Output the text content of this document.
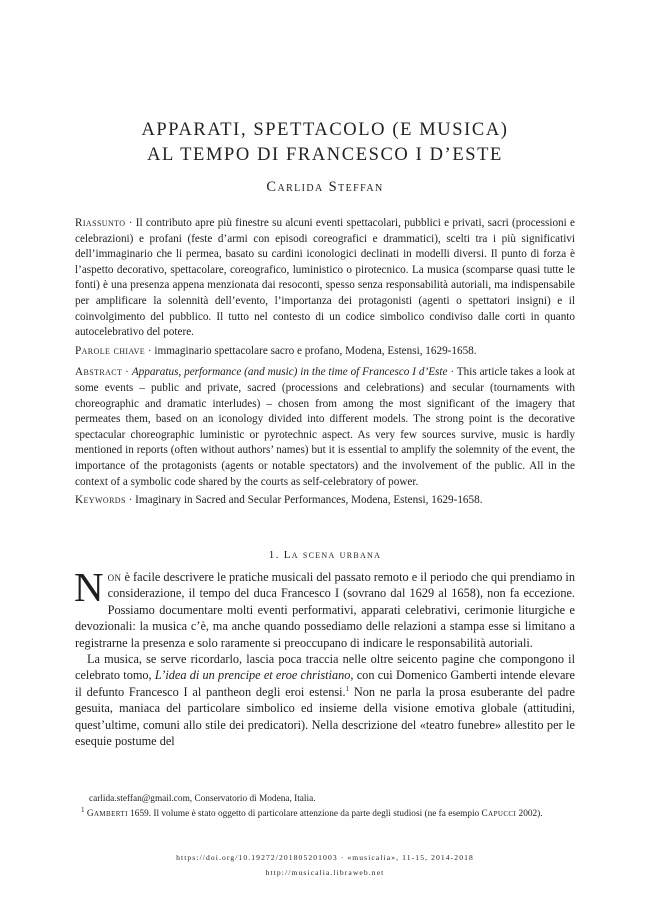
APPARATI, SPETTACOLO (E MUSICA)
AL TEMPO DI FRANCESCO I D’ESTE
Carlida Steffan

Riassunto · Il contributo apre più finestre su alcuni eventi spettacolari, pubblici e privati, sacri (processioni e celebrazioni) e profani (feste d’armi con episodi coreografici e drammatici), scelti tra i più significativi dell’immaginario che li permea, basato su cardini iconologici declinati in modelli diversi. Il punto di forza è l’aspetto decorativo, spettacolare, coreografico, luministico o pirotecnico. La musica (scomparse quasi tutte le fonti) è una presenza appena menzionata dai resoconti, spesso senza responsabilità autoriali, ma indispensabile per amplificare la solennità dell’evento, l’importanza dei protagonisti (agenti o spettatori insigni) e il coinvolgimento del pubblico. Il tutto nel contesto di un codice simbolico condiviso dalle corti in quanto autocelebrativo del potere.

Parole chiave · immaginario spettacolare sacro e profano, Modena, Estensi, 1629-1658.

Abstract · Apparatus, performance (and music) in the time of Francesco I d’Este · This article takes a look at some events – public and private, sacred (processions and celebrations) and secular (tournaments with choreographic and dramatic interludes) – chosen from among the most significant of the imagery that permeates them, based on an iconology divided into different models. The strong point is the decorative spectacular choreographic luministic or pyrotechnic aspect. As very few sources survive, music is hardly mentioned in reports (often without authors’ names) but it is essential to amplify the solemnity of the event, the importance of the protagonists (agents or notable spectators) and the involvement of the public. All in the context of a symbolic code shared by the courts as self-celebratory of power.

Keywords · Imaginary in Sacred and Secular Performances, Modena, Estensi, 1629-1658.

1. La scena urbana

Non è facile descrivere le pratiche musicali del passato remoto e il periodo che qui prendiamo in considerazione, il tempo del duca Francesco I (sovrano dal 1629 al 1658), non fa eccezione. Possiamo documentare molti eventi performativi, apparati celebrativi, cerimonie liturgiche e devozionali: la musica c’è, ma anche quando possediamo delle relazioni a stampa esse si limitano a registrarne la presenza e solo raramente si preoccupano di indicare le responsabilità autoriali.

La musica, se serve ricordarlo, lascia poca traccia nelle oltre seicento pagine che compongono il celebrato tomo, L’idea di un prencipe et eroe christiano, con cui Domenico Gamberti intende elevare il defunto Francesco I al pantheon degli eroi estensi.$^1$ Non ne parla la prosa esuberante del padre gesuita, maniaca del particolare simbolico ed insieme della visione emotiva globale (attitudini, quest’ultime, comuni allo stile dei predicatori). Nella descrizione del «teatro funebre» allestito per le esequie postume del

carlida.steffan@gmail.com, Conservatorio di Modena, Italia.
$^1$ Gamberti 1659. Il volume è stato oggetto di particolare attenzione da parte degli studiosi (ne fa esempio Capucci 2002).
https://doi.org/10.19272/201805201003 · «musicalia», 11-15, 2014-2018
http://musicalia.libraweb.net
